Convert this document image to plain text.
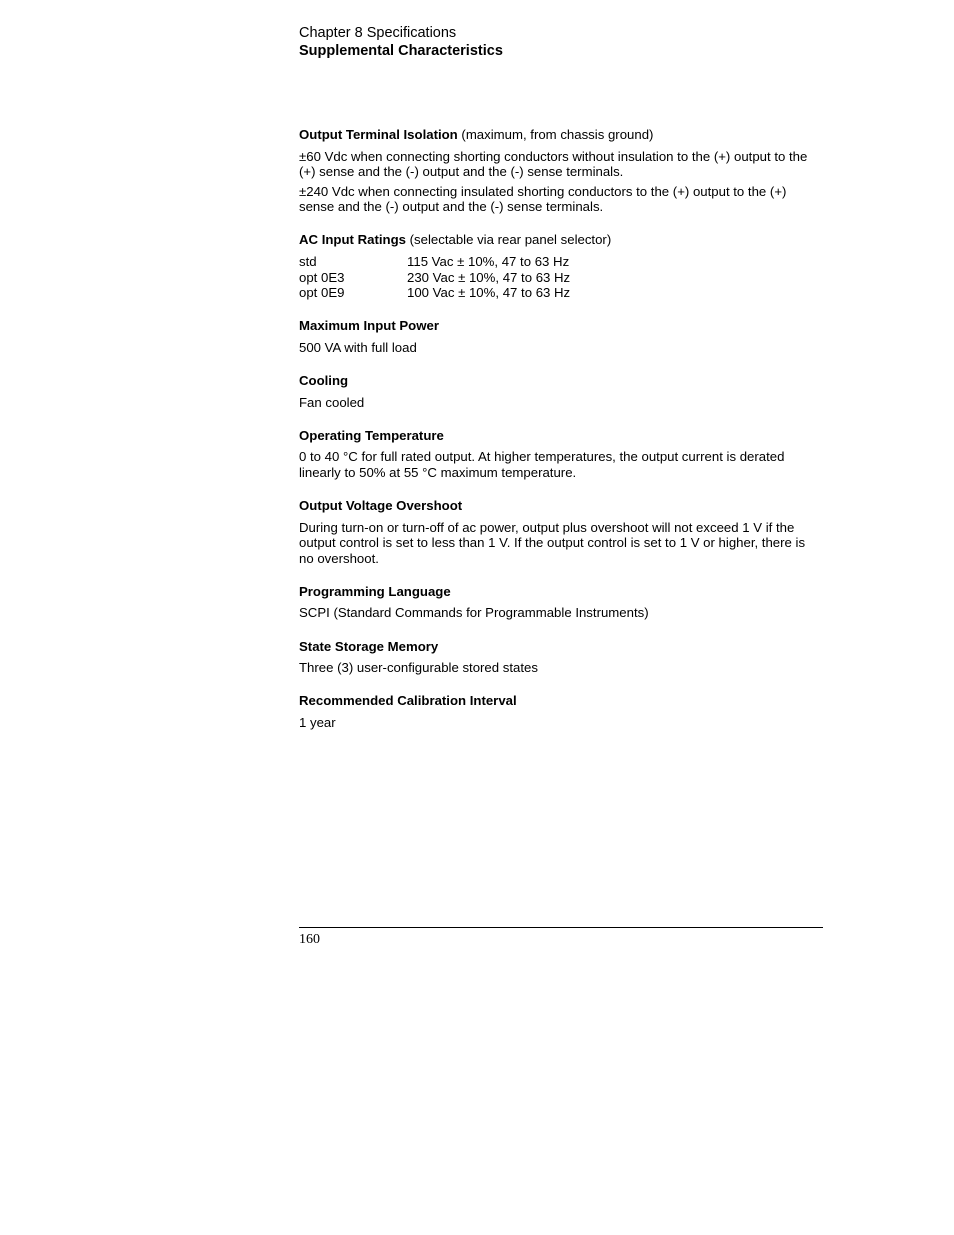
Chapter 8 Specifications
Supplemental Characteristics
Output Terminal Isolation (maximum, from chassis ground)

±60 Vdc when connecting shorting conductors without insulation to the (+) output to the (+) sense and the (-) output and the (-) sense terminals.

±240 Vdc when connecting insulated shorting conductors to the (+) output to the (+) sense and the (-) output and the (-) sense terminals.

AC Input Ratings (selectable via rear panel selector)
std	115 Vac ± 10%, 47 to 63 Hz
opt 0E3	230 Vac ± 10%, 47 to 63 Hz
opt 0E9	100 Vac ± 10%, 47 to 63 Hz
Maximum Input Power

500 VA with full load

Cooling

Fan cooled

Operating Temperature

0 to 40 °C for full rated output. At higher temperatures, the output current is derated linearly to 50% at 55 °C maximum temperature.

Output Voltage Overshoot

During turn-on or turn-off of ac power, output plus overshoot will not exceed 1 V if the output control is set to less than 1 V. If the output control is set to 1 V or higher, there is no overshoot.

Programming Language

SCPI (Standard Commands for Programmable Instruments)

State Storage Memory

Three (3) user-configurable stored states

Recommended Calibration Interval

1 year

160
